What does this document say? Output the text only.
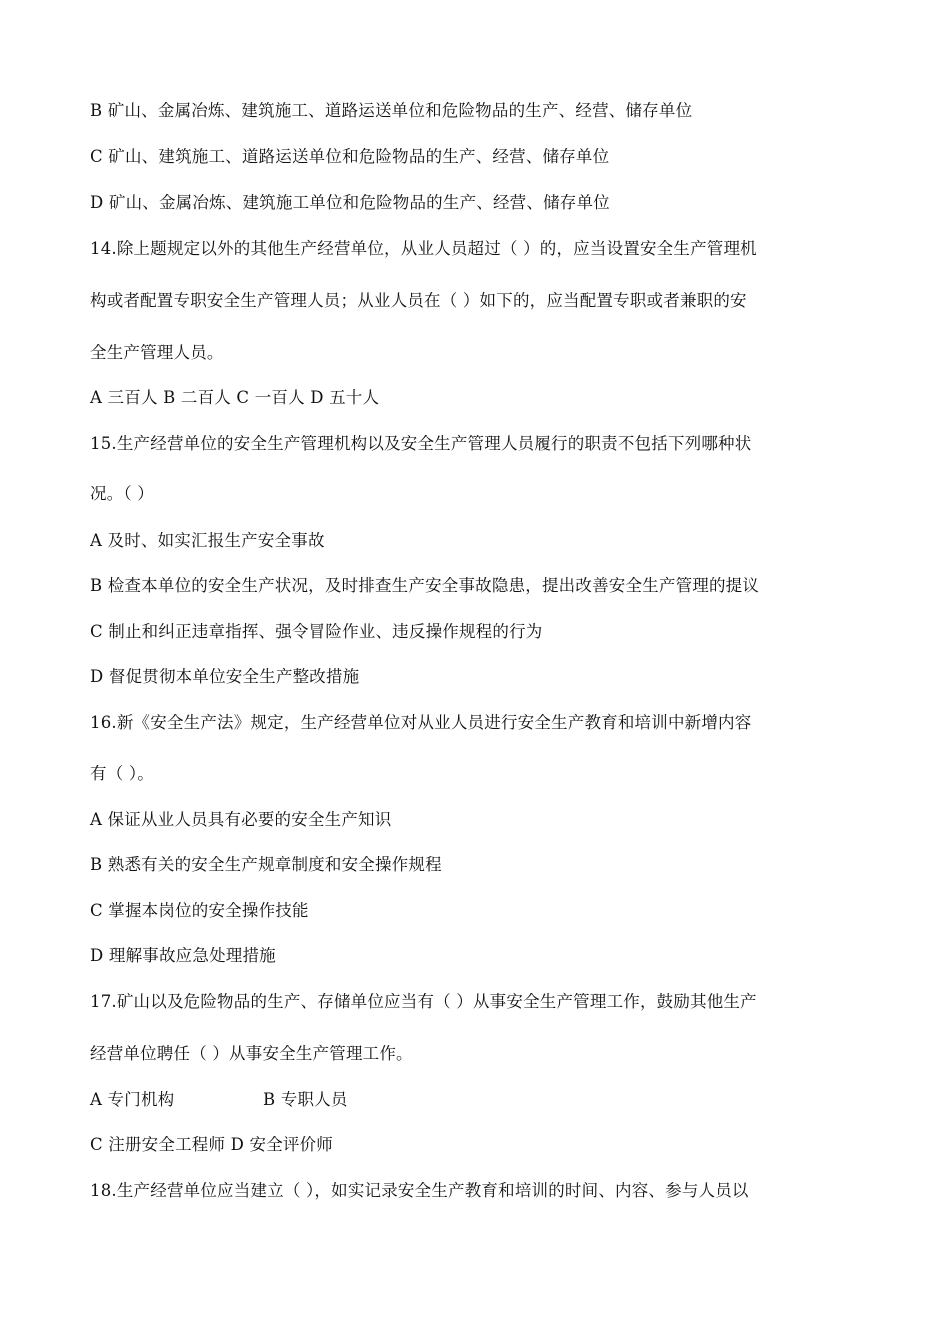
B 矿山、金属冶炼、建筑施工、道路运送单位和危险物品的生产、经营、储存单位
C 矿山、建筑施工、道路运送单位和危险物品的生产、经营、储存单位
D 矿山、金属冶炼、建筑施工单位和危险物品的生产、经营、储存单位
14.除上题规定以外的其他生产经营单位，从业人员超过（ ）的，应当设置安全生产管理机
构或者配置专职安全生产管理人员；从业人员在（ ）如下的，应当配置专职或者兼职的安
全生产管理人员。
A 三百人 B 二百人 C 一百人 D 五十人
15.生产经营单位的安全生产管理机构以及安全生产管理人员履行的职责不包括下列哪种状
况。（ ）
A 及时、如实汇报生产安全事故
B 检查本单位的安全生产状况，及时排查生产安全事故隐患，提出改善安全生产管理的提议
C 制止和纠正违章指挥、强令冒险作业、违反操作规程的行为
D 督促贯彻本单位安全生产整改措施
16.新《安全生产法》规定，生产经营单位对从业人员进行安全生产教育和培训中新增内容
有（ ）。
A 保证从业人员具有必要的安全生产知识
B 熟悉有关的安全生产规章制度和安全操作规程
C 掌握本岗位的安全操作技能
D 理解事故应急处理措施
17.矿山以及危险物品的生产、存储单位应当有（ ）从事安全生产管理工作，鼓励其他生产
经营单位聘任（ ）从事安全生产管理工作。
A 专门机构	B 专职人员
C 注册安全工程师 D 安全评价师
18.生产经营单位应当建立（ ），如实记录安全生产教育和培训的时间、内容、参与人员以
